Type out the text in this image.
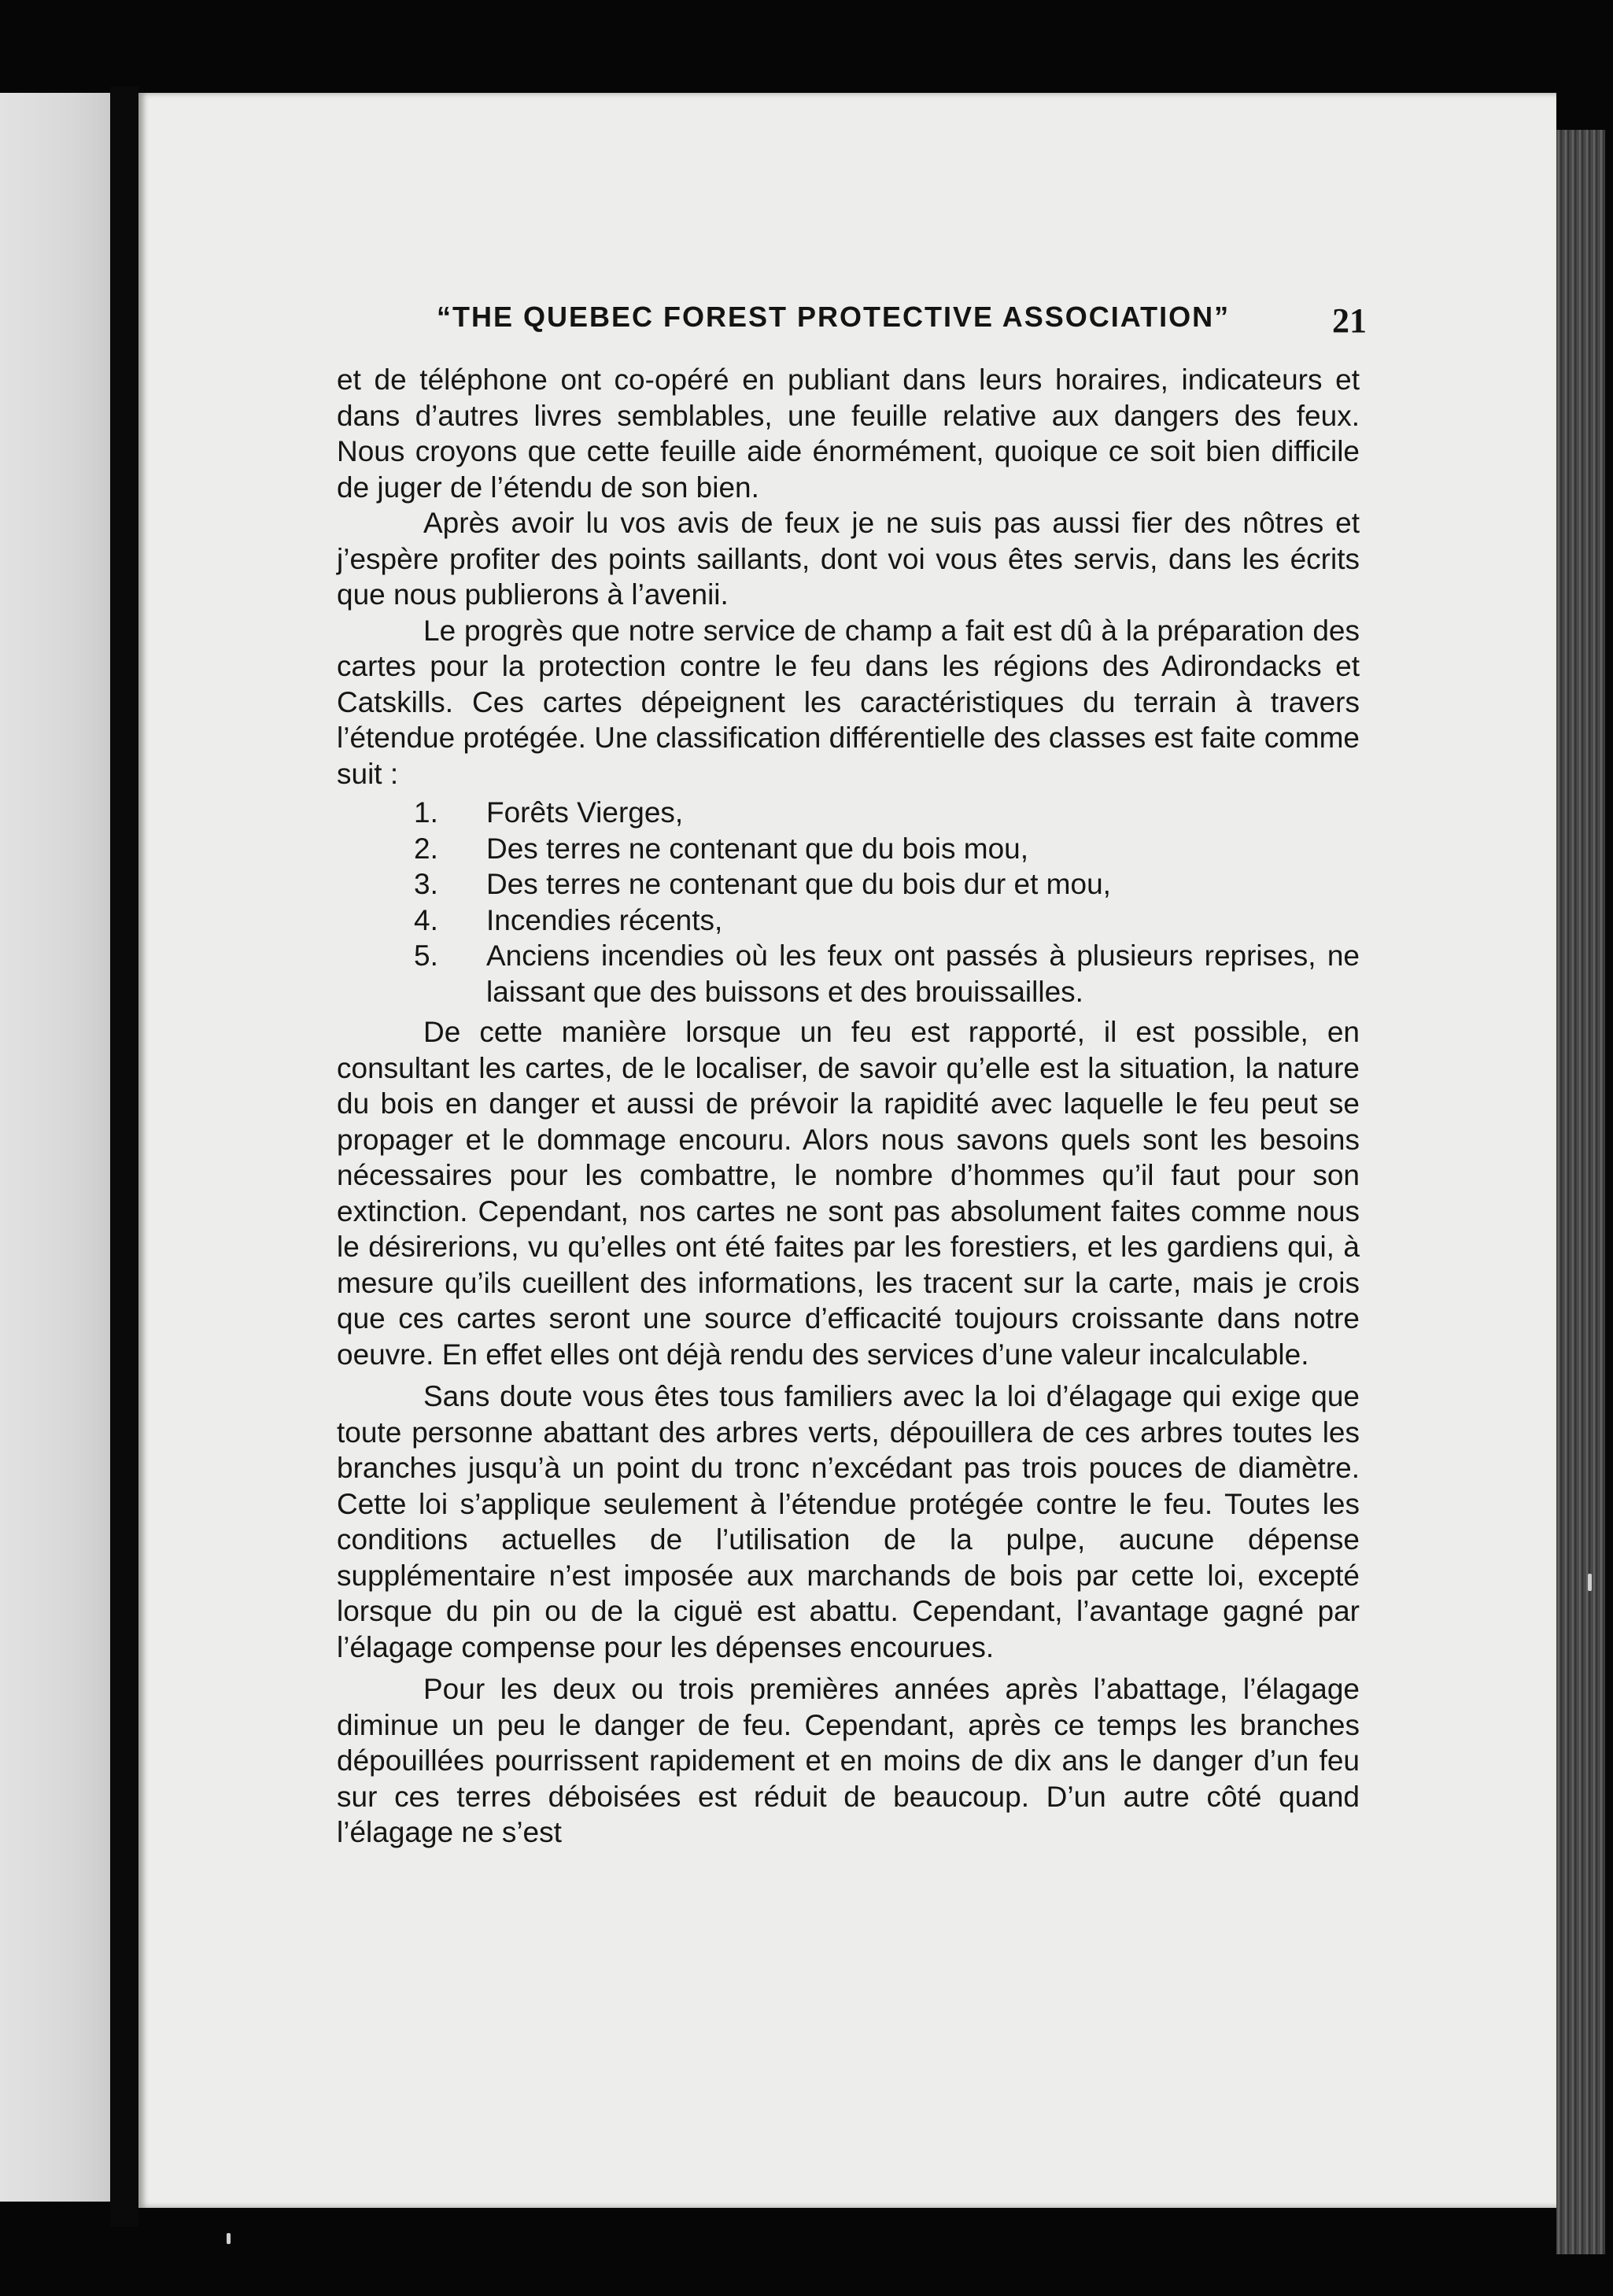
“THE QUEBEC FOREST PROTECTIVE ASSOCIATION”	21

et de téléphone ont co-opéré en publiant dans leurs horaires, indicateurs et dans d’autres livres semblables, une feuille relative aux dangers des feux. Nous croyons que cette feuille aide énormément, quoique ce soit bien difficile de juger de l’étendu de son bien.

Après avoir lu vos avis de feux je ne suis pas aussi fier des nôtres et j’espère profiter des points saillants, dont voi vous êtes servis, dans les écrits que nous publierons à l’avenii.

Le progrès que notre service de champ a fait est dû à la préparation des cartes pour la protection contre le feu dans les régions des Adirondacks et Catskills. Ces cartes dépeignent les caractéristiques du terrain à travers l’étendue protégée. Une classification différentielle des classes est faite comme suit :

1.	Forêts Vierges,
2.	Des terres ne contenant que du bois mou,
3.	Des terres ne contenant que du bois dur et mou,
4.	Incendies récents,
5.	Anciens incendies où les feux ont passés à plusieurs reprises, ne laissant que des buissons et des brouissailles.

De cette manière lorsque un feu est rapporté, il est possible, en consultant les cartes, de le localiser, de savoir qu’elle est la situation, la nature du bois en danger et aussi de prévoir la rapidité avec laquelle le feu peut se propager et le dommage encouru. Alors nous savons quels sont les besoins nécessaires pour les combattre, le nombre d’hommes qu’il faut pour son extinction. Cependant, nos cartes ne sont pas absolument faites comme nous le désirerions, vu qu’elles ont été faites par les forestiers, et les gardiens qui, à mesure qu’ils cueillent des informations, les tracent sur la carte, mais je crois que ces cartes seront une source d’efficacité toujours croissante dans notre oeuvre. En effet elles ont déjà rendu des services d’une valeur incalculable.

Sans doute vous êtes tous familiers avec la loi d’élagage qui exige que toute personne abattant des arbres verts, dépouillera de ces arbres toutes les branches jusqu’à un point du tronc n’excédant pas trois pouces de diamètre. Cette loi s’applique seulement à l’étendue protégée contre le feu. Toutes les conditions actuelles de l’utilisation de la pulpe, aucune dépense supplémentaire n’est imposée aux marchands de bois par cette loi, excepté lorsque du pin ou de la ciguë est abattu. Cependant, l’avantage gagné par l’élagage compense pour les dépenses encourues.

Pour les deux ou trois premières années après l’abattage, l’élagage diminue un peu le danger de feu. Cependant, après ce temps les branches dépouillées pourrissent rapidement et en moins de dix ans le danger d’un feu sur ces terres déboisées est réduit de beaucoup. D’un autre côté quand l’élagage ne s’est
